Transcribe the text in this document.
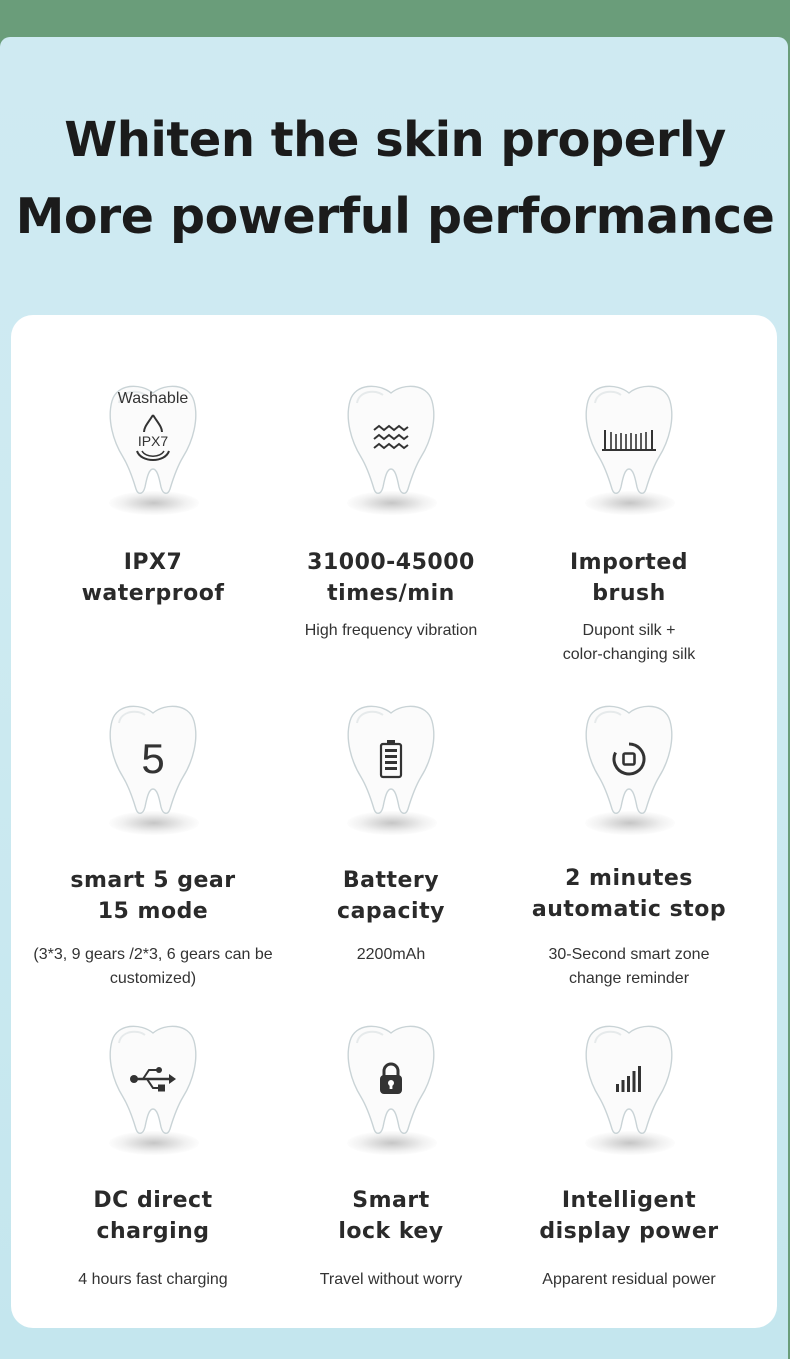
Whiten the skin properly
More powerful performance
IPX7
IPX7
waterproof
Washable
31000-45000
times/min
High frequency vibration
Imported
brush
Dupont silk +
color-changing silk
5
smart 5 gear
15 mode
(3*3, 9 gears /2*3, 6 gears can be
customized)
Battery
capacity
2200mAh
2 minutes
automatic stop
30-Second smart zone
change reminder
DC direct
charging
4 hours fast charging
Smart
lock key
Travel without worry
Intelligent
display power
Apparent residual power
